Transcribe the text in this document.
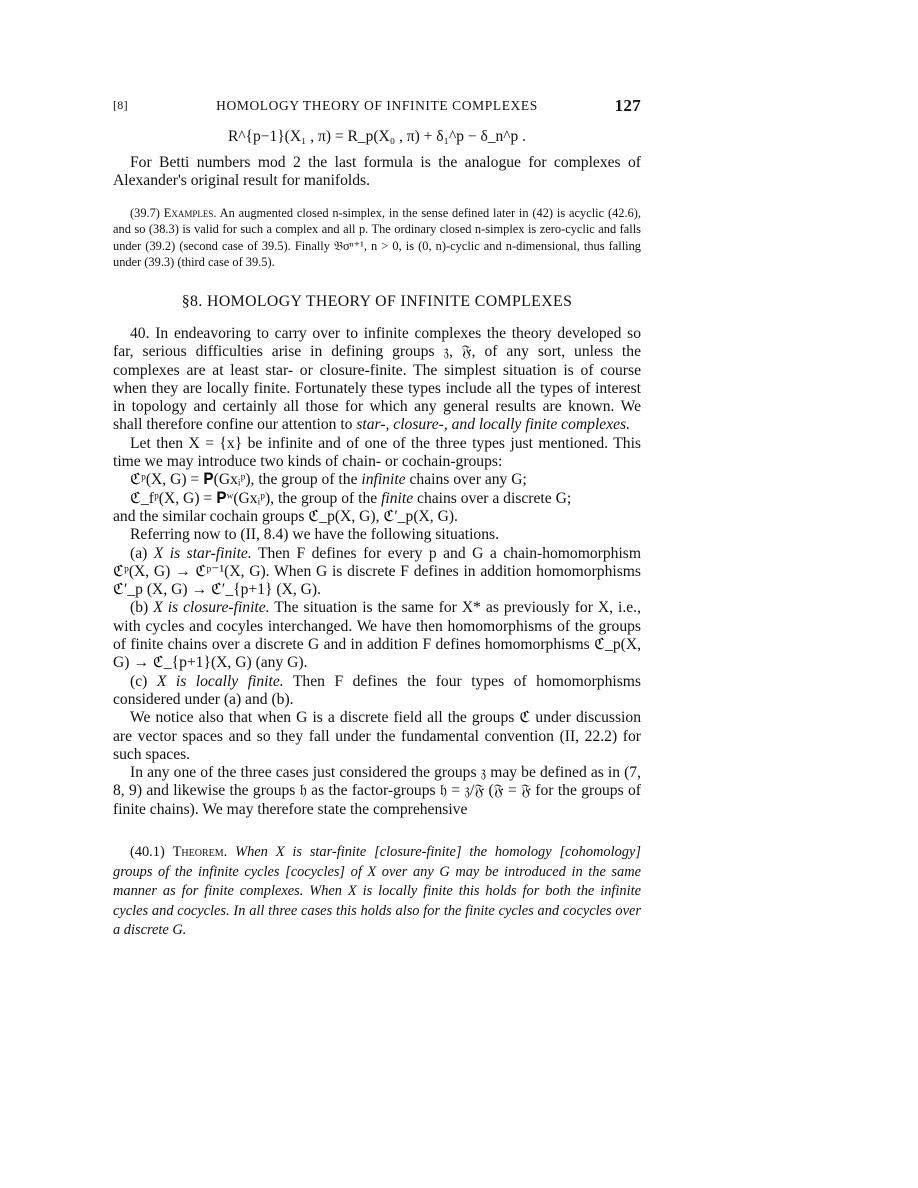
[8]	HOMOLOGY THEORY OF INFINITE COMPLEXES	127
R^{p−1}(X₁ , π) = R_p(X₀ , π) + δ₁^p − δ_n^p .

For Betti numbers mod 2 the last formula is the analogue for complexes of Alexander's original result for manifolds.

(39.7) Examples. An augmented closed n-simplex, in the sense defined later in (42) is acyclic (42.6), and so (38.3) is valid for such a complex and all p. The ordinary closed n-simplex is zero-cyclic and falls under (39.2) (second case of 39.5). Finally 𝔅σⁿ⁺¹, n > 0, is (0, n)-cyclic and n-dimensional, thus falling under (39.3) (third case of 39.5).

§8. HOMOLOGY THEORY OF INFINITE COMPLEXES

40. In endeavoring to carry over to infinite complexes the theory developed so far, serious difficulties arise in defining groups 𝔷, 𝔉, of any sort, unless the complexes are at least star- or closure-finite. The simplest situation is of course when they are locally finite. Fortunately these types include all the types of interest in topology and certainly all those for which any general results are known. We shall therefore confine our attention to star-, closure-, and locally finite complexes.

Let then X = {x} be infinite and of one of the three types just mentioned. This time we may introduce two kinds of chain- or cochain-groups:

ℭᵖ(X, G) = 𝐏(Gxᵢᵖ), the group of the infinite chains over any G;

ℭ_fᵖ(X, G) = 𝐏ʷ(Gxᵢᵖ), the group of the finite chains over a discrete G;

and the similar cochain groups ℭ_p(X, G), ℭ′_p(X, G).

Referring now to (II, 8.4) we have the following situations.

(a) X is star-finite. Then F defines for every p and G a chain-homomorphism ℭᵖ(X, G) → ℭᵖ⁻¹(X, G). When G is discrete F defines in addition homomorphisms ℭ′_p (X, G) → ℭ′_{p+1} (X, G).

(b) X is closure-finite. The situation is the same for X* as previously for X, i.e., with cycles and cocyles interchanged. We have then homomorphisms of the groups of finite chains over a discrete G and in addition F defines homomorphisms ℭ_p(X, G) → ℭ_{p+1}(X, G) (any G).

(c) X is locally finite. Then F defines the four types of homomorphisms considered under (a) and (b).

We notice also that when G is a discrete field all the groups ℭ under discussion are vector spaces and so they fall under the fundamental convention (II, 22.2) for such spaces.

In any one of the three cases just considered the groups 𝔷 may be defined as in (7, 8, 9) and likewise the groups 𝔥 as the factor-groups 𝔥 = 𝔷/𝔉 (𝔉 = 𝔉 for the groups of finite chains). We may therefore state the comprehensive

(40.1) Theorem. When X is star-finite [closure-finite] the homology [cohomology] groups of the infinite cycles [cocycles] of X over any G may be introduced in the same manner as for finite complexes. When X is locally finite this holds for both the infinite cycles and cocycles. In all three cases this holds also for the finite cycles and cocycles over a discrete G.
